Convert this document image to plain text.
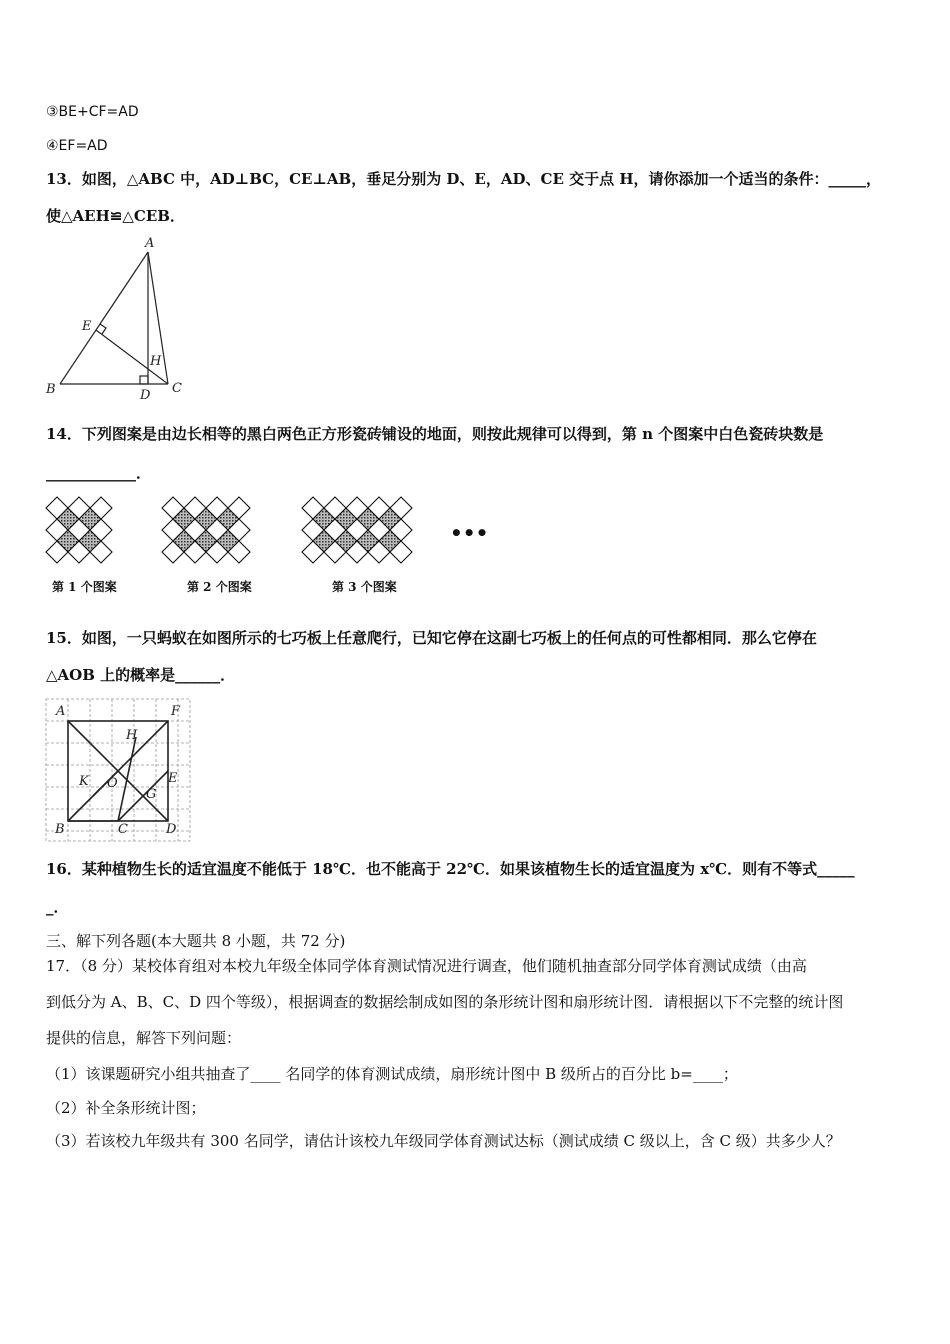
③BE+CF=AD
④EF=AD
13．如图，△ABC 中，AD⊥BC，CE⊥AB，垂足分别为 D、E，AD、CE 交于点 H，请你添加一个适当的条件：_____，
使△AEH≌△CEB．
A
B	C
D
E
H
14．下列图案是由边长相等的黑白两色正方形瓷砖铺设的地面，则按此规律可以得到，第 n 个图案中白色瓷砖块数是
____________．
第 1 个图案	第 2 个图案	第 3 个图案
•••
15．如图，一只蚂蚁在如图所示的七巧板上任意爬行，已知它停在这副七巧板上的任何点的可性都相同．那么它停在
△AOB 上的概率是______．
A	F
H
K O	E
G
B	C	D
16．某种植物生长的适宜温度不能低于 18℃．也不能高于 22℃．如果该植物生长的适宜温度为 x℃．则有不等式_____
_．
三、解下列各题(本大题共 8 小题，共 72 分)
17．（8 分）某校体育组对本校九年级全体同学体育测试情况进行调查，他们随机抽查部分同学体育测试成绩（由高
到低分为 A、B、C、D 四个等级），根据调查的数据绘制成如图的条形统计图和扇形统计图．请根据以下不完整的统计图
提供的信息，解答下列问题：
（1）该课题研究小组共抽查了____ 名同学的体育测试成绩，扇形统计图中 B 级所占的百分比 b=____；
（2）补全条形统计图；
（3）若该校九年级共有 300 名同学，请估计该校九年级同学体育测试达标（测试成绩 C 级以上，含 C 级）共多少人？
